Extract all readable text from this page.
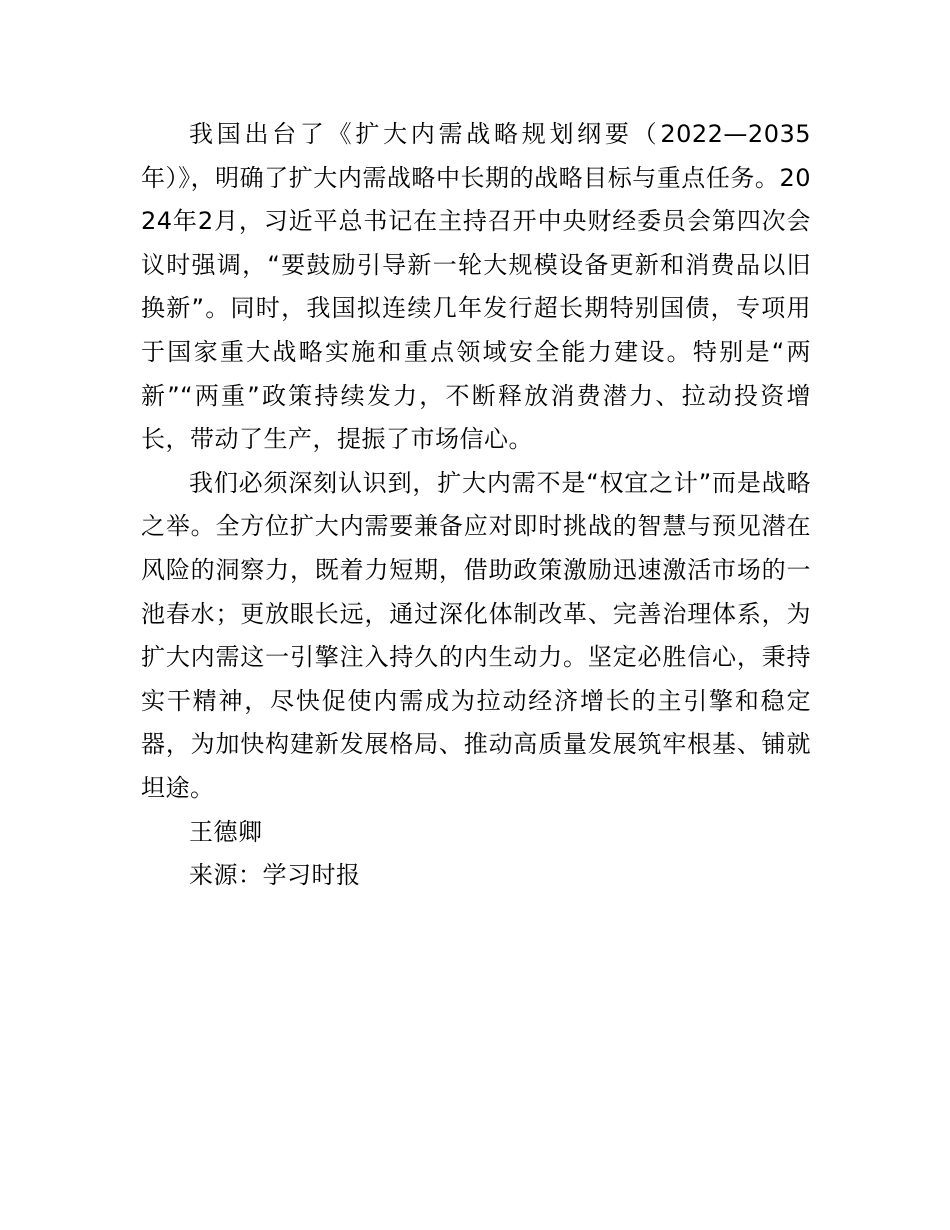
我国出台了《扩大内需战略规划纲要（2022—2035年）》，明确了扩大内需战略中长期的战略目标与重点任务。2024年2月，习近平总书记在主持召开中央财经委员会第四次会议时强调，“要鼓励引导新一轮大规模设备更新和消费品以旧换新”。同时，我国拟连续几年发行超长期特别国债，专项用于国家重大战略实施和重点领域安全能力建设。特别是“两新”“两重”政策持续发力，不断释放消费潜力、拉动投资增长，带动了生产，提振了市场信心。

我们必须深刻认识到，扩大内需不是“权宜之计”而是战略之举。全方位扩大内需要兼备应对即时挑战的智慧与预见潜在风险的洞察力，既着力短期，借助政策激励迅速激活市场的一池春水；更放眼长远，通过深化体制改革、完善治理体系，为扩大内需这一引擎注入持久的内生动力。坚定必胜信心，秉持实干精神，尽快促使内需成为拉动经济增长的主引擎和稳定器，为加快构建新发展格局、推动高质量发展筑牢根基、铺就坦途。

王德卿

来源：学习时报
